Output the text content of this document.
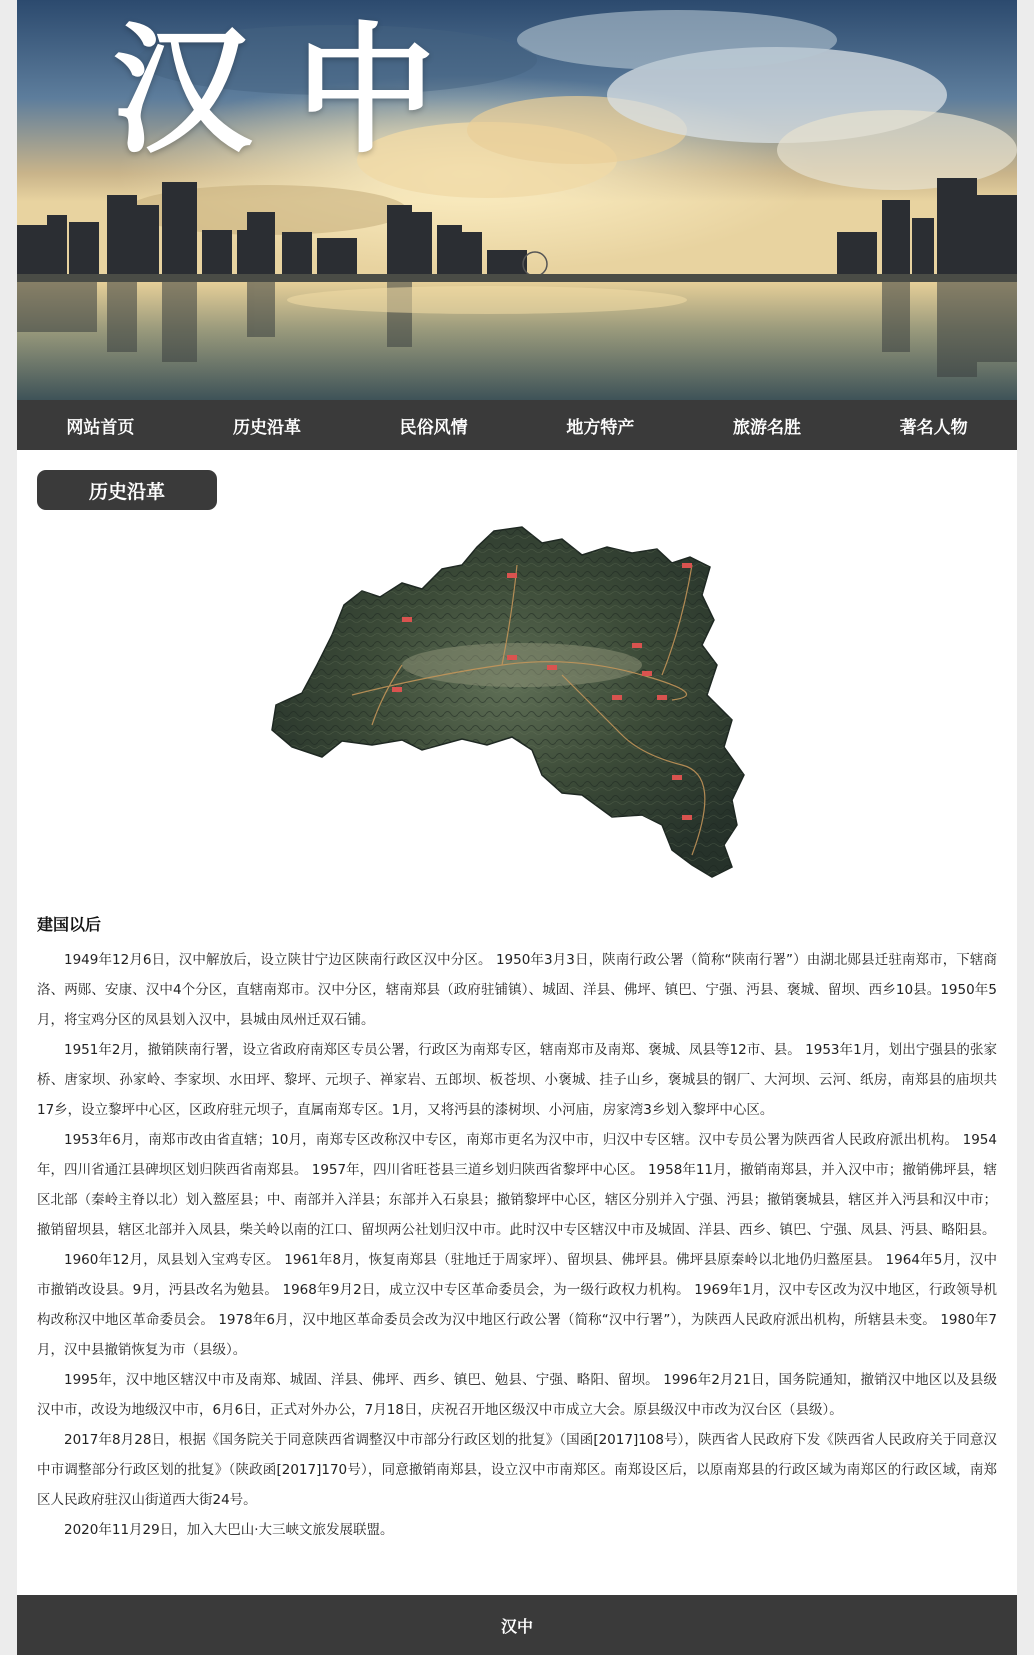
汉中
网站首页	历史沿革	民俗风情	地方特产	旅游名胜	著名人物
历史沿革
建国以后

1949年12月6日，汉中解放后，设立陕甘宁边区陕南行政区汉中分区。 1950年3月3日，陕南行政公署（简称“陕南行署”）由湖北郧县迁驻南郑市，下辖商洛、两郧、安康、汉中4个分区，直辖南郑市。汉中分区，辖南郑县（政府驻铺镇）、城固、洋县、佛坪、镇巴、宁强、沔县、褒城、留坝、西乡10县。1950年5月，将宝鸡分区的凤县划入汉中，县城由凤州迁双石铺。

1951年2月，撤销陕南行署，设立省政府南郑区专员公署，行政区为南郑专区，辖南郑市及南郑、褒城、凤县等12市、县。 1953年1月，划出宁强县的张家桥、唐家坝、孙家岭、李家坝、水田坪、黎坪、元坝子、禅家岩、五郎坝、板苍坝、小褒城、挂子山乡，褒城县的钢厂、大河坝、云河、纸房，南郑县的庙坝共17乡，设立黎坪中心区，区政府驻元坝子，直属南郑专区。1月，又将沔县的漆树坝、小河庙，房家湾3乡划入黎坪中心区。

1953年6月，南郑市改由省直辖；10月，南郑专区改称汉中专区，南郑市更名为汉中市，归汉中专区辖。汉中专员公署为陕西省人民政府派出机构。 1954年，四川省通江县碑坝区划归陕西省南郑县。 1957年，四川省旺苍县三道乡划归陕西省黎坪中心区。 1958年11月，撤销南郑县，并入汉中市；撤销佛坪县，辖区北部（秦岭主脊以北）划入盩厔县；中、南部并入洋县；东部并入石泉县；撤销黎坪中心区，辖区分别并入宁强、沔县；撤销褒城县，辖区并入沔县和汉中市；撤销留坝县，辖区北部并入凤县，柴关岭以南的江口、留坝两公社划归汉中市。此时汉中专区辖汉中市及城固、洋县、西乡、镇巴、宁强、凤县、沔县、略阳县。

1960年12月，凤县划入宝鸡专区。 1961年8月，恢复南郑县（驻地迁于周家坪）、留坝县、佛坪县。佛坪县原秦岭以北地仍归盩厔县。 1964年5月，汉中市撤销改设县。9月，沔县改名为勉县。 1968年9月2日，成立汉中专区革命委员会，为一级行政权力机构。 1969年1月，汉中专区改为汉中地区，行政领导机构改称汉中地区革命委员会。 1978年6月，汉中地区革命委员会改为汉中地区行政公署（简称“汉中行署”），为陕西人民政府派出机构，所辖县未变。 1980年7月，汉中县撤销恢复为市（县级）。

1995年，汉中地区辖汉中市及南郑、城固、洋县、佛坪、西乡、镇巴、勉县、宁强、略阳、留坝。 1996年2月21日，国务院通知，撤销汉中地区以及县级汉中市，改设为地级汉中市，6月6日，正式对外办公，7月18日，庆祝召开地区级汉中市成立大会。原县级汉中市改为汉台区（县级）。

2017年8月28日，根据《国务院关于同意陕西省调整汉中市部分行政区划的批复》（国函[2017]108号），陕西省人民政府下发《陕西省人民政府关于同意汉中市调整部分行政区划的批复》（陕政函[2017]170号），同意撤销南郑县，设立汉中市南郑区。南郑设区后，以原南郑县的行政区域为南郑区的行政区域，南郑区人民政府驻汉山街道西大街24号。

2020年11月29日，加入大巴山·大三峡文旅发展联盟。

汉中
